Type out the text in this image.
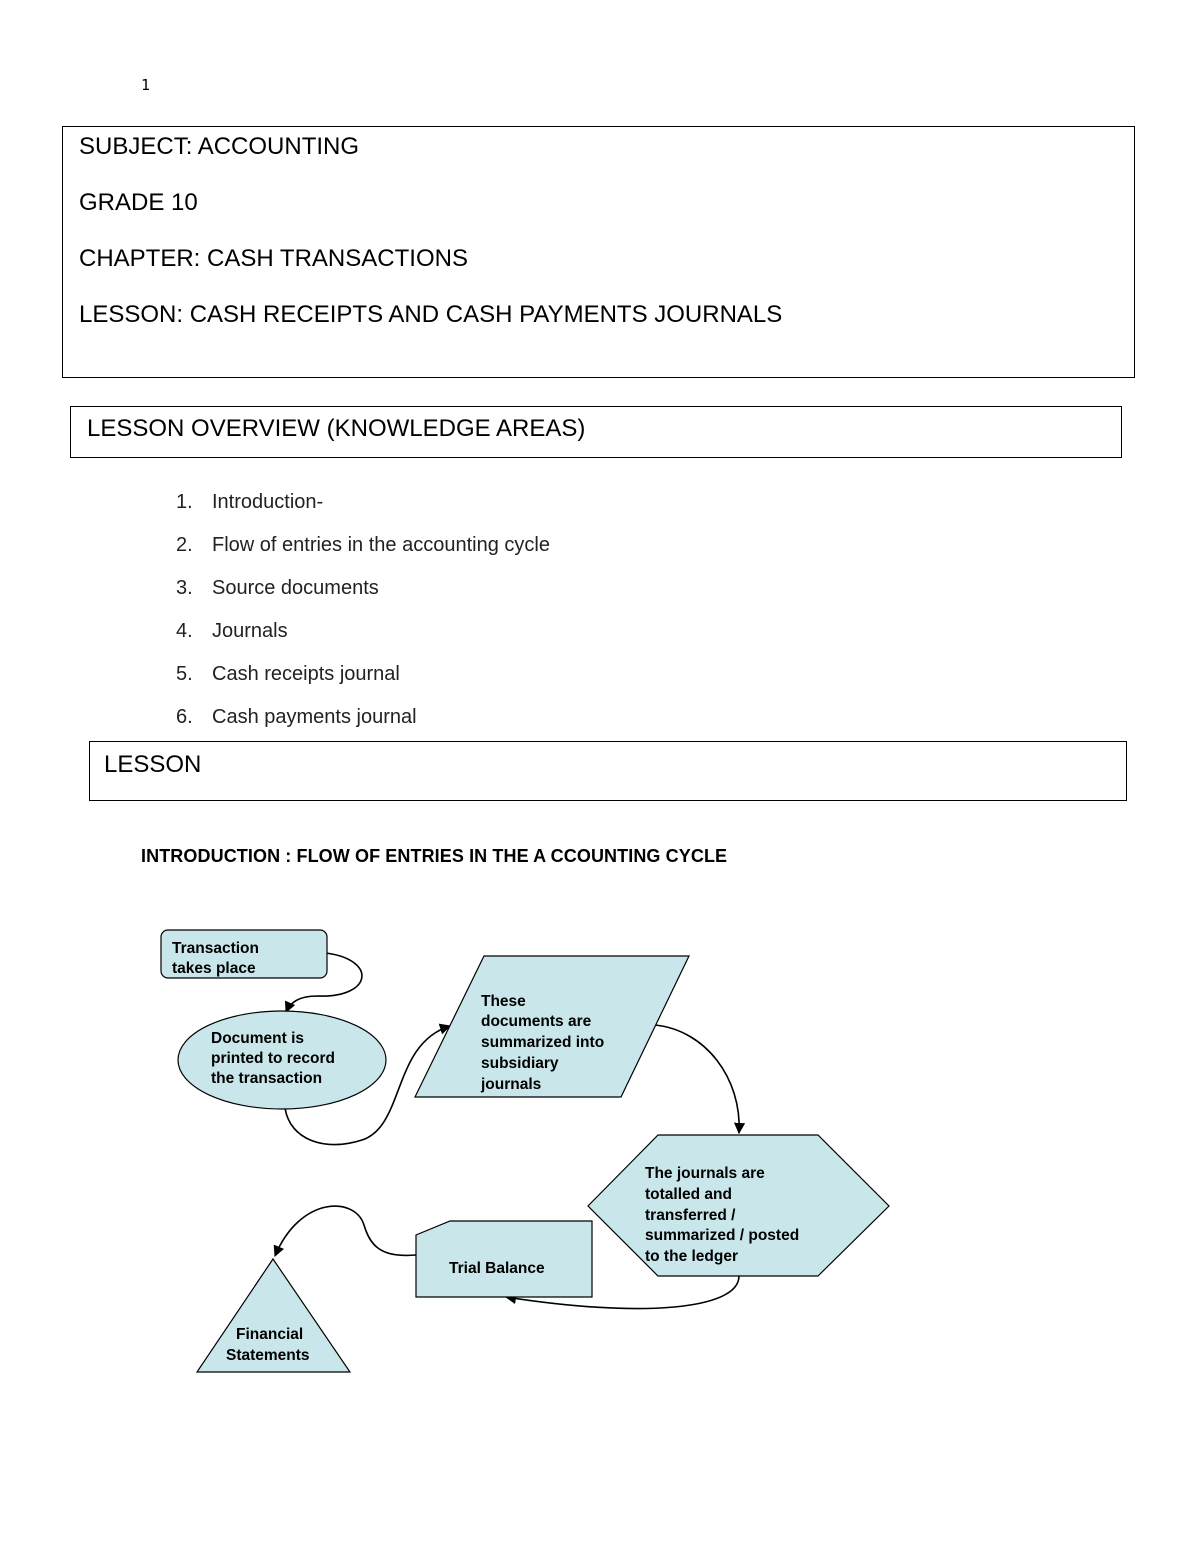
1
SUBJECT: ACCOUNTING
GRADE 10
CHAPTER: CASH TRANSACTIONS
LESSON: CASH RECEIPTS AND CASH PAYMENTS JOURNALS
LESSON OVERVIEW (KNOWLEDGE AREAS)
1. Introduction-
2. Flow of entries in the accounting cycle
3. Source documents
4. Journals
5. Cash receipts journal
6. Cash payments journal
LESSON
INTRODUCTION : FLOW OF ENTRIES IN THE A CCOUNTING CYCLE
Transaction
takes place
Document is
printed to record
the transaction
These
documents are
summarized into
subsidiary
journals
The journals are
totalled and
transferred /
summarized / posted
to the ledger
Trial Balance
Financial
Statements
